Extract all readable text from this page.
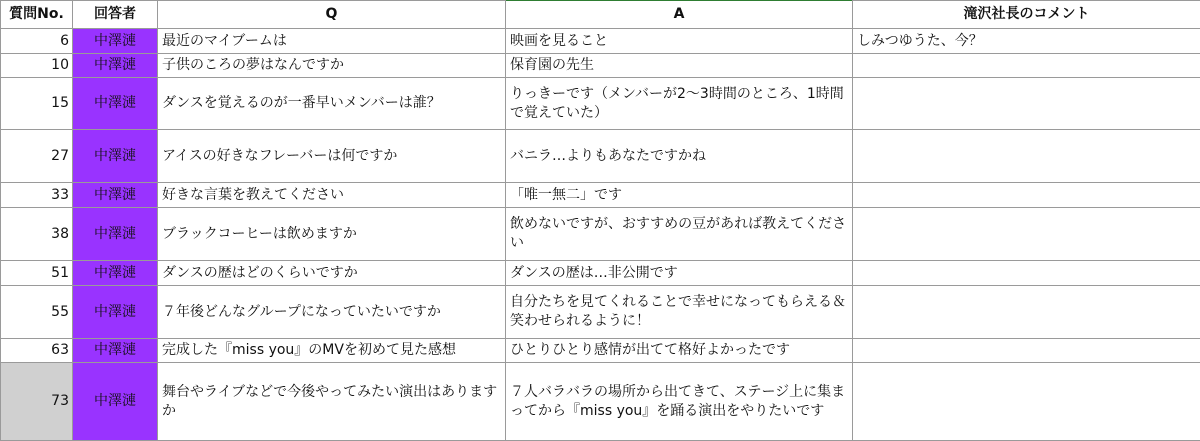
質問No.	回答者	Q	A	滝沢社長のコメント
6	中澤漣	最近のマイブームは	映画を見ること	しみつゆうた、今？
10	中澤漣	子供のころの夢はなんですか	保育園の先生	
15	中澤漣	ダンスを覚えるのが一番早いメンバーは誰？	りっきーです（メンバーが2～3時間のところ、1時間で覚えていた）	
27	中澤漣	アイスの好きなフレーバーは何ですか	バニラ…よりもあなたですかね	
33	中澤漣	好きな言葉を教えてください	「唯一無二」です	
38	中澤漣	ブラックコーヒーは飲めますか	飲めないですが、おすすめの豆があれば教えてください	
51	中澤漣	ダンスの歴はどのくらいですか	ダンスの歴は…非公開です	
55	中澤漣	７年後どんなグループになっていたいですか	自分たちを見てくれることで幸せになってもらえる＆笑わせられるように！	
63	中澤漣	完成した『miss you』のMVを初めて見た感想	ひとりひとり感情が出てて格好よかったです	
73	中澤漣	舞台やライブなどで今後やってみたい演出はありますか	７人バラバラの場所から出てきて、ステージ上に集まってから『miss you』を踊る演出をやりたいです	
